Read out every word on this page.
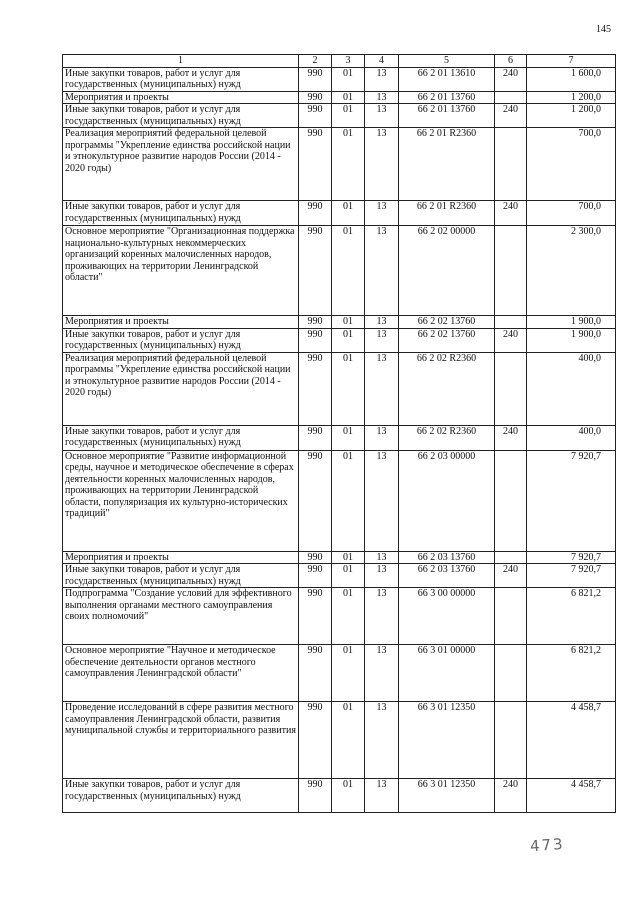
145
1	2	3	4	5	6	7
Иные закупки товаров, работ и услуг для государственных (муниципальных) нужд	990	01	13	66 2 01 13610	240	1 600,0
Мероприятия и проекты	990	01	13	66 2 01 13760		1 200,0
Иные закупки товаров, работ и услуг для государственных (муниципальных) нужд	990	01	13	66 2 01 13760	240	1 200,0
Реализация мероприятий федеральной целевой программы "Укрепление единства российской нации и этнокультурное развитие народов России (2014 - 2020 годы)	990	01	13	66 2 01 R2360		700,0
Иные закупки товаров, работ и услуг для государственных (муниципальных) нужд	990	01	13	66 2 01 R2360	240	700,0
Основное мероприятие "Организационная поддержка национально-культурных некоммерческих организаций коренных малочисленных народов, проживающих на территории Ленинградской области"	990	01	13	66 2 02 00000		2 300,0
Мероприятия и проекты	990	01	13	66 2 02 13760		1 900,0
Иные закупки товаров, работ и услуг для государственных (муниципальных) нужд	990	01	13	66 2 02 13760	240	1 900,0
Реализация мероприятий федеральной целевой программы "Укрепление единства российской нации и этнокультурное развитие народов России (2014 - 2020 годы)	990	01	13	66 2 02 R2360		400,0
Иные закупки товаров, работ и услуг для государственных (муниципальных) нужд	990	01	13	66 2 02 R2360	240	400,0
Основное мероприятие "Развитие информационной среды, научное и методическое обеспечение в сферах деятельности коренных малочисленных народов, проживающих на территории Ленинградской области, популяризация их культурно-исторических традиций"	990	01	13	66 2 03 00000		7 920,7
Мероприятия и проекты	990	01	13	66 2 03 13760		7 920,7
Иные закупки товаров, работ и услуг для государственных (муниципальных) нужд	990	01	13	66 2 03 13760	240	7 920,7
Подпрограмма "Создание условий для эффективного выполнения органами местного самоуправления своих полномочий"	990	01	13	66 3 00 00000		6 821,2
Основное мероприятие "Научное и методическое обеспечение деятельности органов местного самоуправления Ленинградской области"	990	01	13	66 3 01 00000		6 821,2
Проведение исследований в сфере развития местного самоуправления Ленинградской области, развития муниципальной службы и территориального развития	990	01	13	66 3 01 12350		4 458,7
Иные закупки товаров, работ и услуг для государственных (муниципальных) нужд	990	01	13	66 3 01 12350	240	4 458,7
473
